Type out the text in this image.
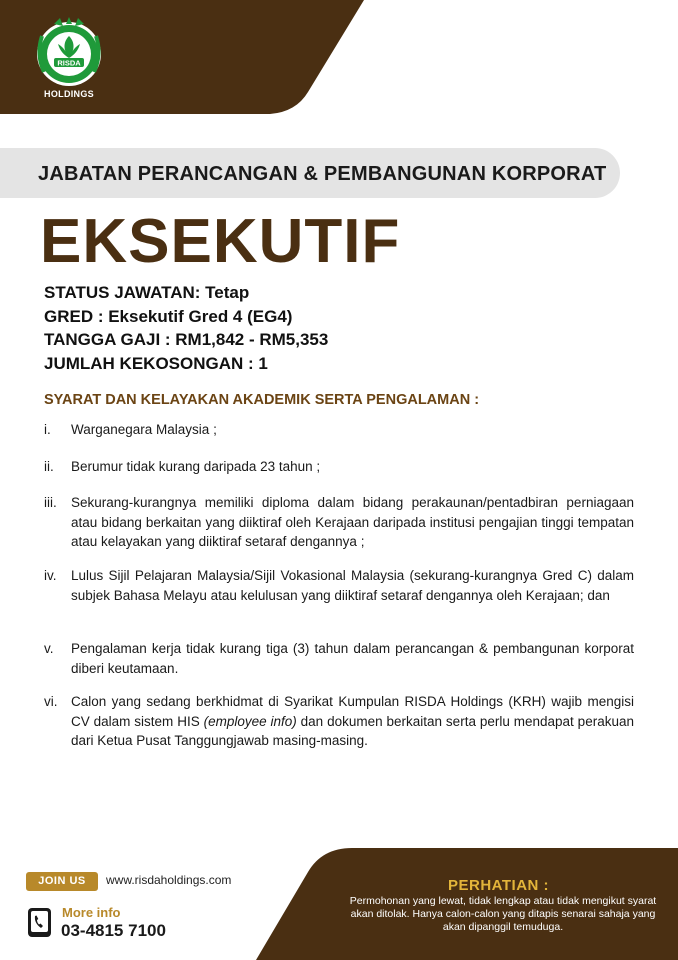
RISDA
HOLDINGS
JABATAN PERANCANGAN & PEMBANGUNAN KORPORAT
EKSEKUTIF
STATUS JAWATAN: Tetap
GRED : Eksekutif Gred 4 (EG4)
TANGGA GAJI : RM1,842 - RM5,353
JUMLAH KEKOSONGAN : 1
SYARAT DAN KELAYAKAN AKADEMIK SERTA PENGALAMAN :
i.	Warganegara Malaysia ;
ii.	Berumur tidak kurang daripada 23 tahun ;
iii.	Sekurang-kurangnya memiliki diploma dalam bidang perakaunan/pentadbiran perniagaan atau bidang berkaitan yang diiktiraf oleh Kerajaan daripada institusi pengajian tinggi tempatan atau kelayakan yang diiktiraf setaraf dengannya ;
iv.	Lulus Sijil Pelajaran Malaysia/Sijil Vokasional Malaysia (sekurang-kurangnya Gred C) dalam subjek Bahasa Melayu atau kelulusan yang diiktiraf setaraf dengannya oleh Kerajaan; dan
v.	Pengalaman kerja tidak kurang tiga (3) tahun dalam perancangan & pembangunan korporat diberi keutamaan.
vi.	Calon yang sedang berkhidmat di Syarikat Kumpulan RISDA Holdings (KRH) wajib mengisi CV dalam sistem HIS (employee info) dan dokumen berkaitan serta perlu mendapat perakuan dari Ketua Pusat Tanggungjawab masing-masing.
JOIN US	www.risdaholdings.com
More info
03-4815 7100
PERHATIAN :
Permohonan yang lewat, tidak lengkap atau tidak mengikut syarat akan ditolak. Hanya calon-calon yang ditapis senarai sahaja yang akan dipanggil temuduga.
